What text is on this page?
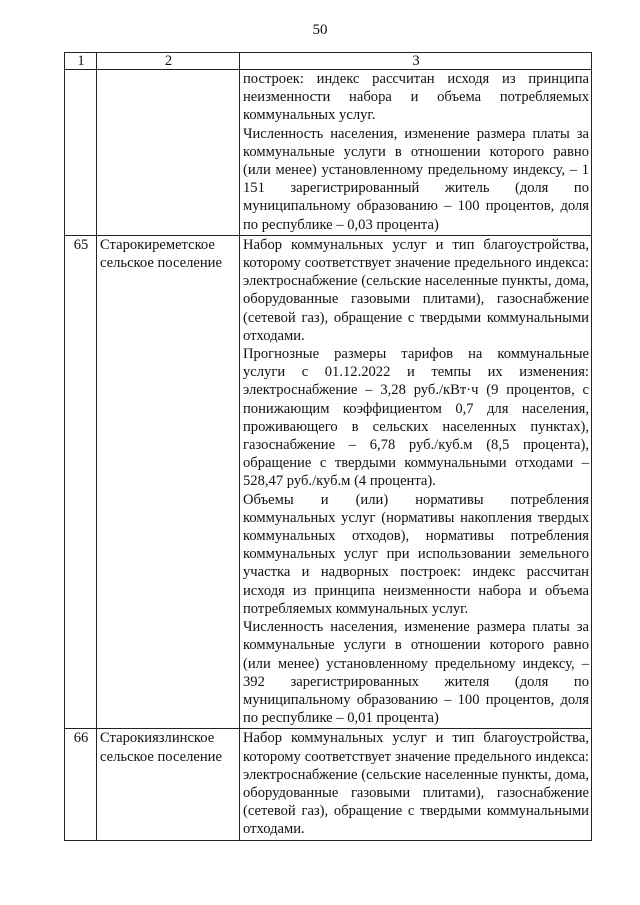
50
1	2	3

		построек: индекс рассчитан исходя из принципа неизменности набора и объема потребляемых коммунальных услуг.

Численность населения, изменение размера платы за коммунальные услуги в отношении которого равно (или менее) установленному предельному индексу, – 1 151 зарегистрированный житель (доля по муниципальному образованию – 100 процентов, доля по республике – 0,03 процента)

65	Старокиреметское сельское поселение	Набор коммунальных услуг и тип благоустройства, которому соответствует значение предельного индекса: электроснабжение (сельские населенные пункты, дома, оборудованные газовыми плитами), газоснабжение (сетевой газ), обращение с твердыми коммунальными отходами.

Прогнозные размеры тарифов на коммунальные услуги с 01.12.2022 и темпы их изменения: электроснабжение – 3,28 руб./кВт·ч (9 процентов, с понижающим коэффициентом 0,7 для населения, проживающего в сельских населенных пунктах), газоснабжение – 6,78 руб./куб.м (8,5 процента), обращение с твердыми коммунальными отходами – 528,47 руб./куб.м (4 процента).

Объемы и (или) нормативы потребления коммунальных услуг (нормативы накопления твердых коммунальных отходов), нормативы потребления коммунальных услуг при использовании земельного участка и надворных построек: индекс рассчитан исходя из принципа неизменности набора и объема потребляемых коммунальных услуг.

Численность населения, изменение размера платы за коммунальные услуги в отношении которого равно (или менее) установленному предельному индексу, – 392 зарегистрированных жителя (доля по муниципальному образованию – 100 процентов, доля по республике – 0,01 процента)

66	Старокиязлинское сельское поселение	Набор коммунальных услуг и тип благоустройства, которому соответствует значение предельного индекса: электроснабжение (сельские населенные пункты, дома, оборудованные газовыми плитами), газоснабжение (сетевой газ), обращение с твердыми коммунальными отходами.
